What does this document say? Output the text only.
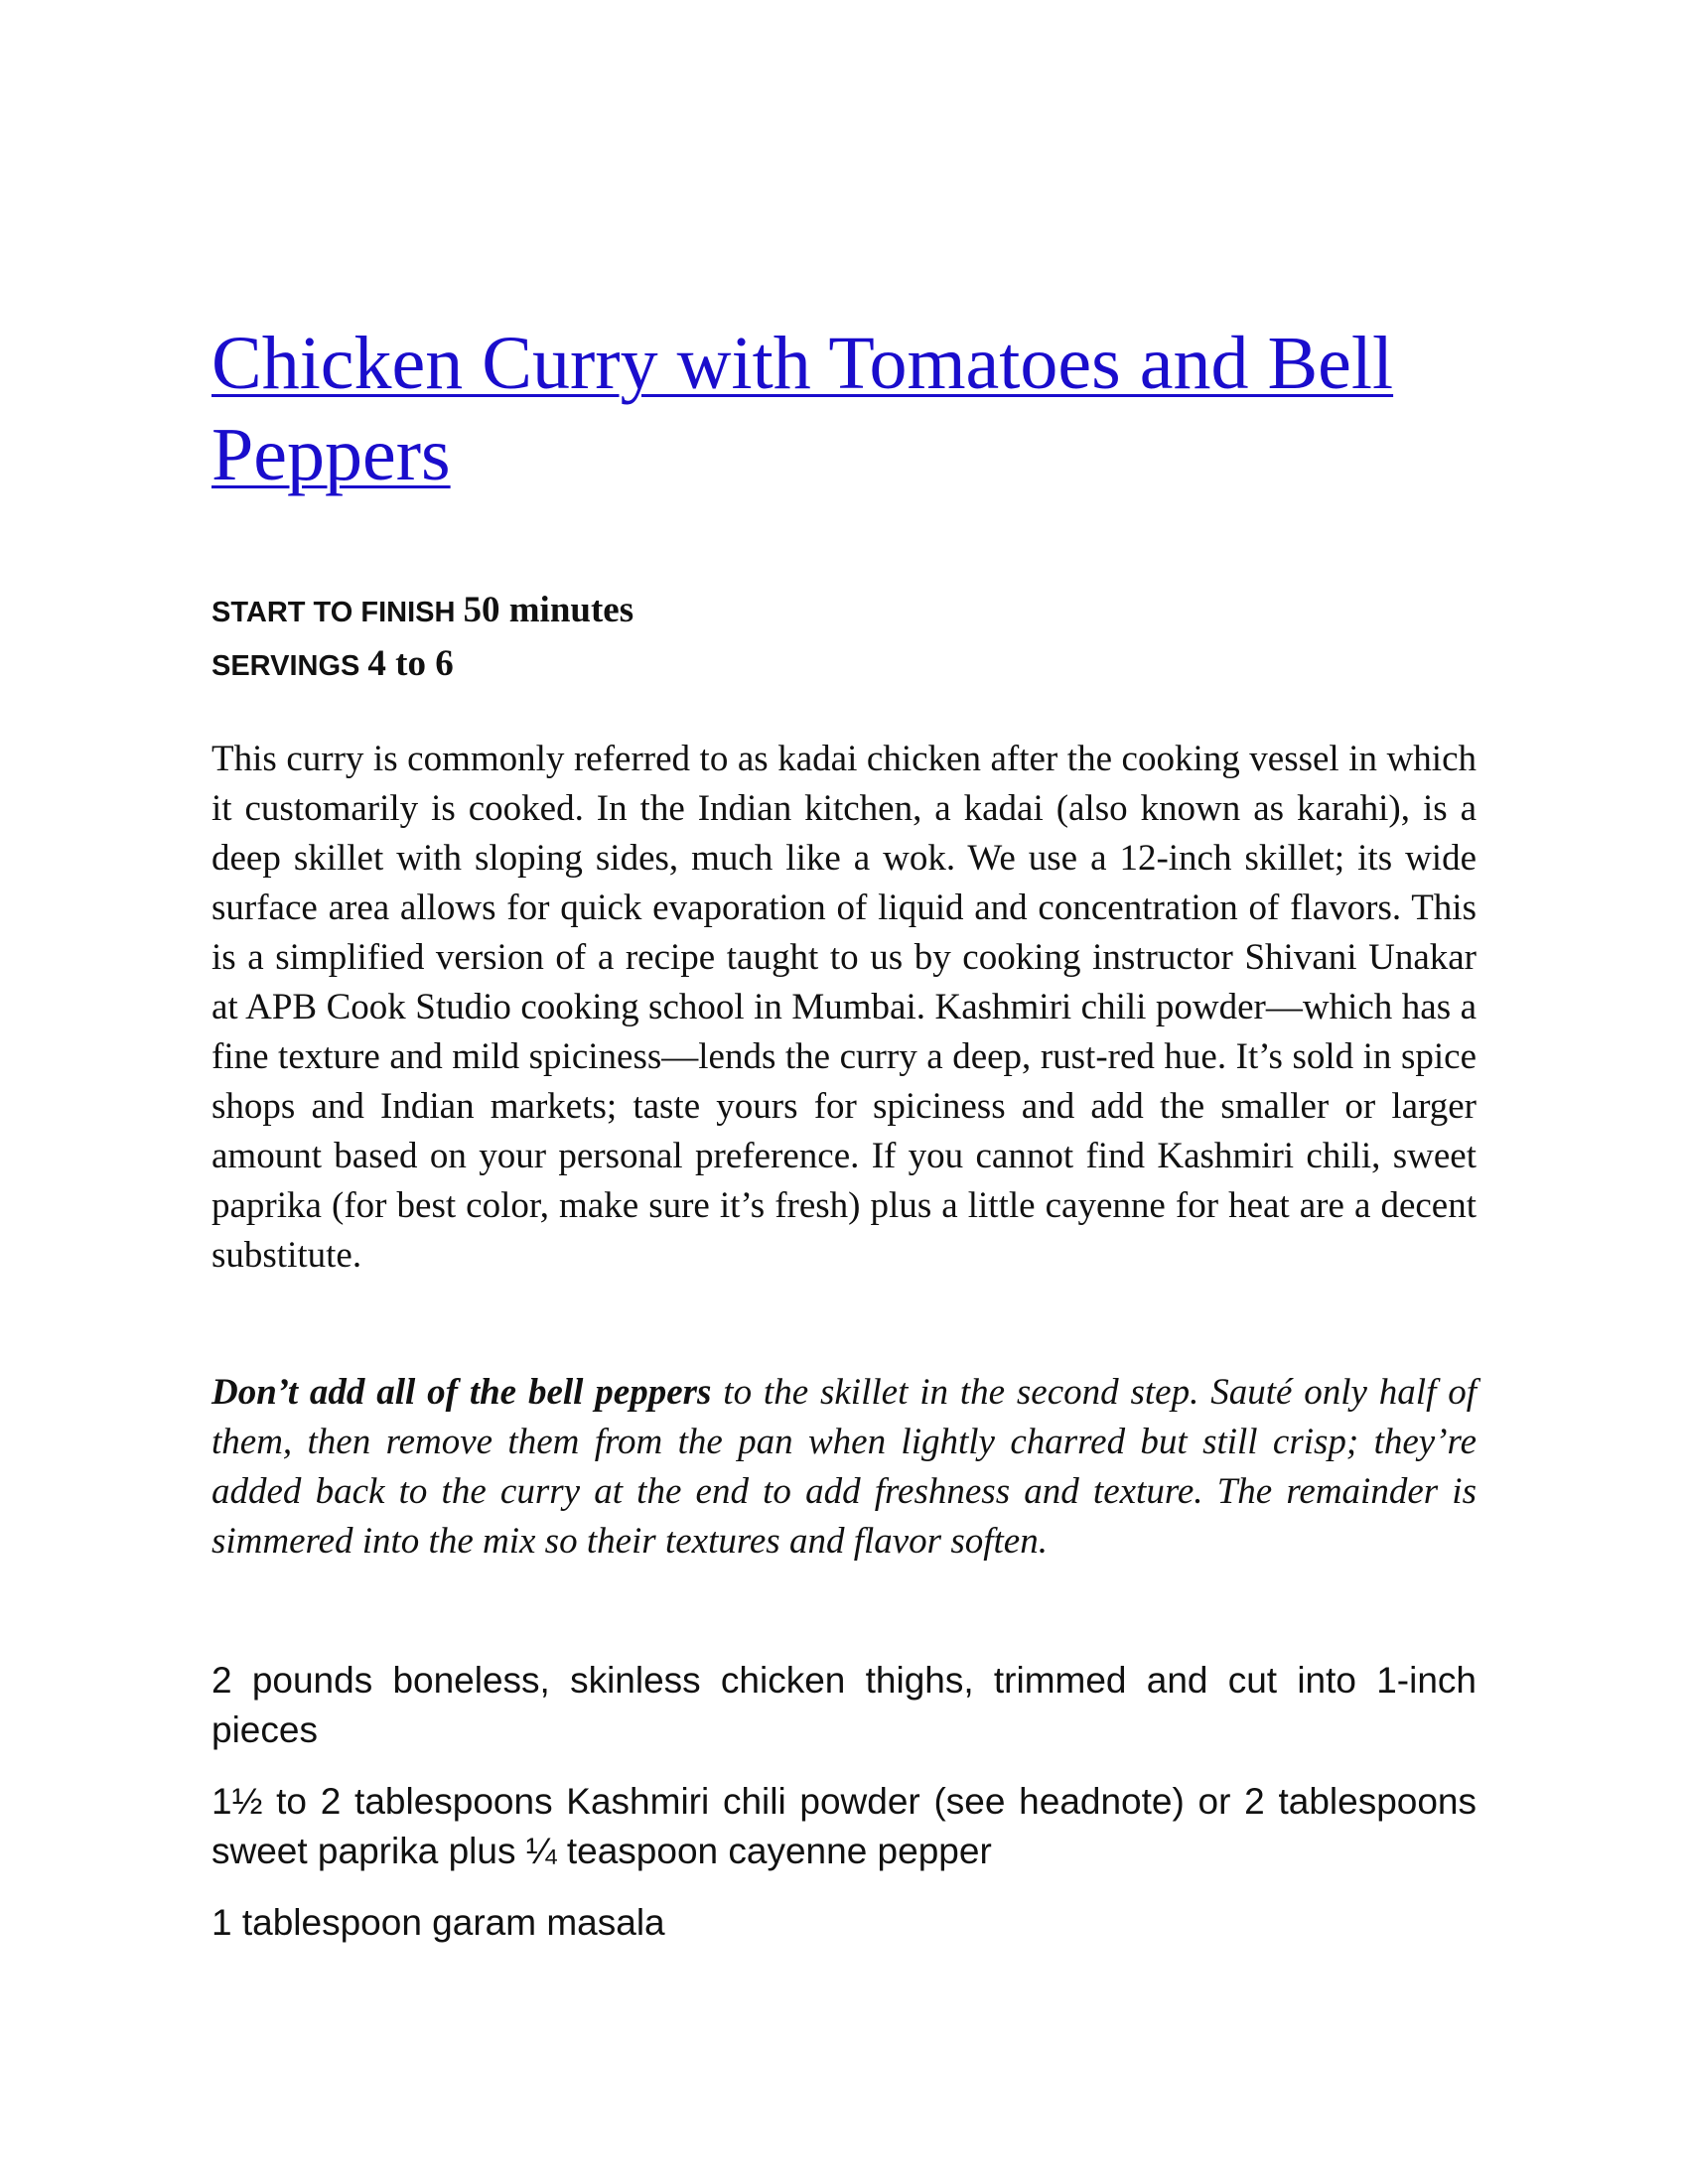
Chicken Curry with Tomatoes and Bell Peppers
START TO FINISH 50 minutes
SERVINGS 4 to 6

This curry is commonly referred to as kadai chicken after the cooking vessel in which it customarily is cooked. In the Indian kitchen, a kadai (also known as karahi), is a deep skillet with sloping sides, much like a wok. We use a 12-inch skillet; its wide surface area allows for quick evaporation of liquid and concentration of flavors. This is a simplified version of a recipe taught to us by cooking instructor Shivani Unakar at APB Cook Studio cooking school in Mumbai. Kashmiri chili powder—which has a fine texture and mild spiciness—lends the curry a deep, rust-red hue. It’s sold in spice shops and Indian markets; taste yours for spiciness and add the smaller or larger amount based on your personal preference. If you cannot find Kashmiri chili, sweet paprika (for best color, make sure it’s fresh) plus a little cayenne for heat are a decent substitute.

Don’t add all of the bell peppers to the skillet in the second step. Sauté only half of them, then remove them from the pan when lightly charred but still crisp; they’re added back to the curry at the end to add freshness and texture. The remainder is simmered into the mix so their textures and flavor soften.

2 pounds boneless, skinless chicken thighs, trimmed and cut into 1-inch pieces
1½ to 2 tablespoons Kashmiri chili powder (see headnote) or 2 tablespoons sweet paprika plus ¼ teaspoon cayenne pepper
1 tablespoon garam masala
